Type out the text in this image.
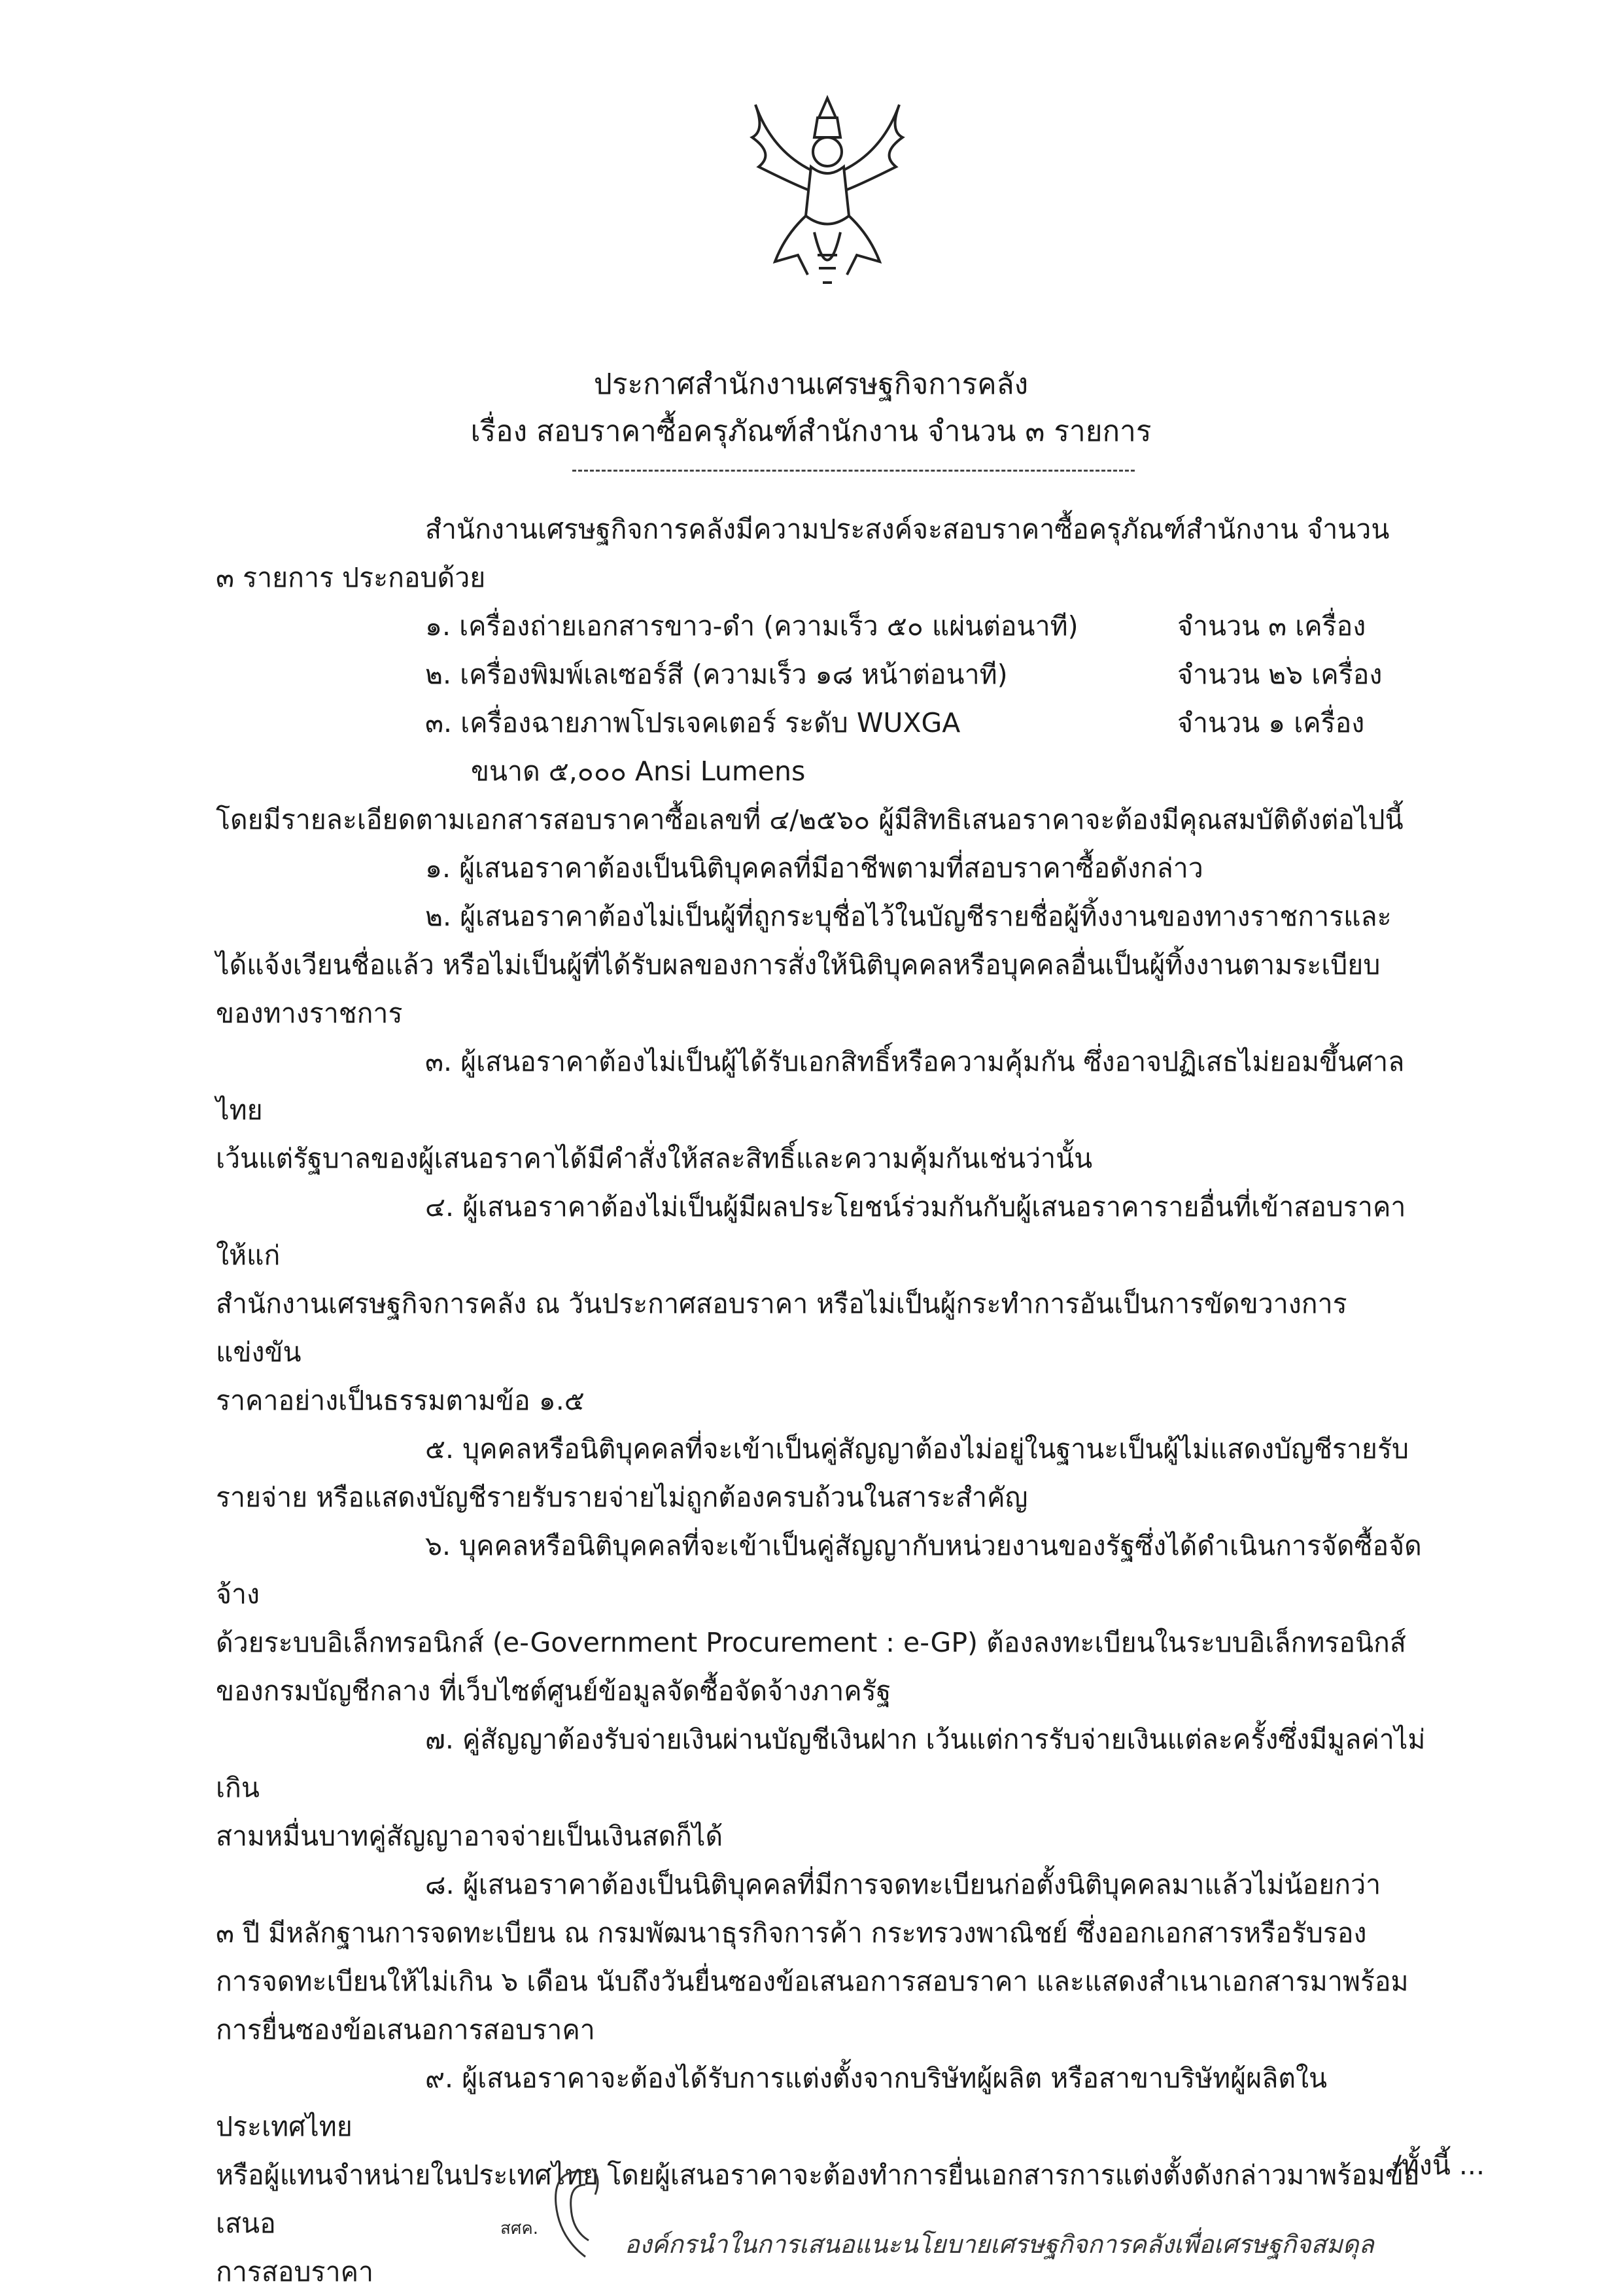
ประกาศสำนักงานเศรษฐกิจการคลัง
เรื่อง สอบราคาซื้อครุภัณฑ์สำนักงาน จำนวน ๓ รายการ

สำนักงานเศรษฐกิจการคลังมีความประสงค์จะสอบราคาซื้อครุภัณฑ์สำนักงาน จำนวน

๓ รายการ ประกอบด้วย

๑. เครื่องถ่ายเอกสารขาว-ดำ (ความเร็ว ๕๐ แผ่นต่อนาที)	จำนวน ๓ เครื่อง
๒. เครื่องพิมพ์เลเซอร์สี (ความเร็ว ๑๘ หน้าต่อนาที)	จำนวน ๒๖ เครื่อง
๓. เครื่องฉายภาพโปรเจคเตอร์ ระดับ WUXGA	จำนวน ๑ เครื่อง

ขนาด ๕,๐๐๐ Ansi Lumens

โดยมีรายละเอียดตามเอกสารสอบราคาซื้อเลขที่ ๔/๒๕๖๐ ผู้มีสิทธิเสนอราคาจะต้องมีคุณสมบัติดังต่อไปนี้

๑. ผู้เสนอราคาต้องเป็นนิติบุคคลที่มีอาชีพตามที่สอบราคาซื้อดังกล่าว

๒. ผู้เสนอราคาต้องไม่เป็นผู้ที่ถูกระบุชื่อไว้ในบัญชีรายชื่อผู้ทิ้งงานของทางราชการและ

ได้แจ้งเวียนชื่อแล้ว หรือไม่เป็นผู้ที่ได้รับผลของการสั่งให้นิติบุคคลหรือบุคคลอื่นเป็นผู้ทิ้งงานตามระเบียบ

ของทางราชการ

๓. ผู้เสนอราคาต้องไม่เป็นผู้ได้รับเอกสิทธิ์หรือความคุ้มกัน ซึ่งอาจปฏิเสธไม่ยอมขึ้นศาลไทย

เว้นแต่รัฐบาลของผู้เสนอราคาได้มีคำสั่งให้สละสิทธิ์และความคุ้มกันเช่นว่านั้น

๔. ผู้เสนอราคาต้องไม่เป็นผู้มีผลประโยชน์ร่วมกันกับผู้เสนอราคารายอื่นที่เข้าสอบราคาให้แก่

สำนักงานเศรษฐกิจการคลัง ณ วันประกาศสอบราคา หรือไม่เป็นผู้กระทำการอันเป็นการขัดขวางการแข่งขัน

ราคาอย่างเป็นธรรมตามข้อ ๑.๕

๕. บุคคลหรือนิติบุคคลที่จะเข้าเป็นคู่สัญญาต้องไม่อยู่ในฐานะเป็นผู้ไม่แสดงบัญชีรายรับ

รายจ่าย หรือแสดงบัญชีรายรับรายจ่ายไม่ถูกต้องครบถ้วนในสาระสำคัญ

๖. บุคคลหรือนิติบุคคลที่จะเข้าเป็นคู่สัญญากับหน่วยงานของรัฐซึ่งได้ดำเนินการจัดซื้อจัดจ้าง

ด้วยระบบอิเล็กทรอนิกส์ (e-Government Procurement : e-GP) ต้องลงทะเบียนในระบบอิเล็กทรอนิกส์

ของกรมบัญชีกลาง ที่เว็บไซต์ศูนย์ข้อมูลจัดซื้อจัดจ้างภาครัฐ

๗. คู่สัญญาต้องรับจ่ายเงินผ่านบัญชีเงินฝาก เว้นแต่การรับจ่ายเงินแต่ละครั้งซึ่งมีมูลค่าไม่เกิน

สามหมื่นบาทคู่สัญญาอาจจ่ายเป็นเงินสดก็ได้

๘. ผู้เสนอราคาต้องเป็นนิติบุคคลที่มีการจดทะเบียนก่อตั้งนิติบุคคลมาแล้วไม่น้อยกว่า

๓ ปี มีหลักฐานการจดทะเบียน ณ กรมพัฒนาธุรกิจการค้า กระทรวงพาณิชย์ ซึ่งออกเอกสารหรือรับรอง

การจดทะเบียนให้ไม่เกิน ๖ เดือน นับถึงวันยื่นซองข้อเสนอการสอบราคา และแสดงสำเนาเอกสารมาพร้อม

การยื่นซองข้อเสนอการสอบราคา

๙. ผู้เสนอราคาจะต้องได้รับการแต่งตั้งจากบริษัทผู้ผลิต หรือสาขาบริษัทผู้ผลิตในประเทศไทย

หรือผู้แทนจำหน่ายในประเทศไทย โดยผู้เสนอราคาจะต้องทำการยื่นเอกสารการแต่งตั้งดังกล่าวมาพร้อมข้อเสนอ

การสอบราคา

/ทั้งนี้ ...
สศค.
องค์กรนำในการเสนอแนะนโยบายเศรษฐกิจการคลังเพื่อเศรษฐกิจสมดุล
